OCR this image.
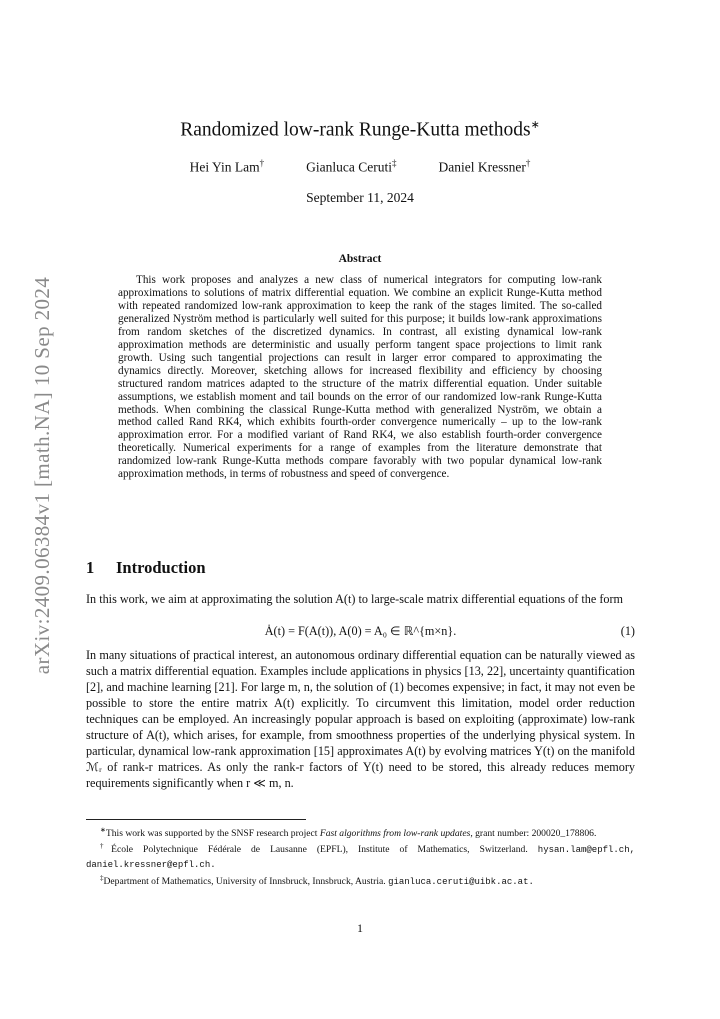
arXiv:2409.06384v1 [math.NA] 10 Sep 2024
Randomized low-rank Runge-Kutta methods∗
Hei Yin Lam†	Gianluca Ceruti‡	Daniel Kressner†
September 11, 2024
Abstract
This work proposes and analyzes a new class of numerical integrators for computing low-rank approximations to solutions of matrix differential equation. We combine an explicit Runge-Kutta method with repeated randomized low-rank approximation to keep the rank of the stages limited. The so-called generalized Nyström method is particularly well suited for this purpose; it builds low-rank approximations from random sketches of the discretized dynamics. In contrast, all existing dynamical low-rank approximation methods are deterministic and usually perform tangent space projections to limit rank growth. Using such tangential projections can result in larger error compared to approximating the dynamics directly. Moreover, sketching allows for increased flexibility and efficiency by choosing structured random matrices adapted to the structure of the matrix differential equation. Under suitable assumptions, we establish moment and tail bounds on the error of our randomized low-rank Runge-Kutta methods. When combining the classical Runge-Kutta method with generalized Nyström, we obtain a method called Rand RK4, which exhibits fourth-order convergence numerically – up to the low-rank approximation error. For a modified variant of Rand RK4, we also establish fourth-order convergence theoretically. Numerical experiments for a range of examples from the literature demonstrate that randomized low-rank Runge-Kutta methods compare favorably with two popular dynamical low-rank approximation methods, in terms of robustness and speed of convergence.
1 Introduction
In this work, we aim at approximating the solution A(t) to large-scale matrix differential equations of the form
Ȧ(t) = F(A(t)), A(0) = A₀ ∈ ℝ^{m×n}.	(1)
In many situations of practical interest, an autonomous ordinary differential equation can be naturally viewed as such a matrix differential equation. Examples include applications in physics [13, 22], uncertainty quantification [2], and machine learning [21]. For large m, n, the solution of (1) becomes expensive; in fact, it may not even be possible to store the entire matrix A(t) explicitly. To circumvent this limitation, model order reduction techniques can be employed. An increasingly popular approach is based on exploiting (approximate) low-rank structure of A(t), which arises, for example, from smoothness properties of the underlying physical system. In particular, dynamical low-rank approximation [15] approximates A(t) by evolving matrices Y(t) on the manifold ℳᵣ of rank-r matrices. As only the rank-r factors of Y(t) need to be stored, this already reduces memory requirements significantly when r ≪ m, n.

∗This work was supported by the SNSF research project Fast algorithms from low-rank updates, grant number: 200020_178806.

†École Polytechnique Fédérale de Lausanne (EPFL), Institute of Mathematics, Switzerland. hysan.lam@epfl.ch, daniel.kressner@epfl.ch.

‡Department of Mathematics, University of Innsbruck, Innsbruck, Austria. gianluca.ceruti@uibk.ac.at.

1
